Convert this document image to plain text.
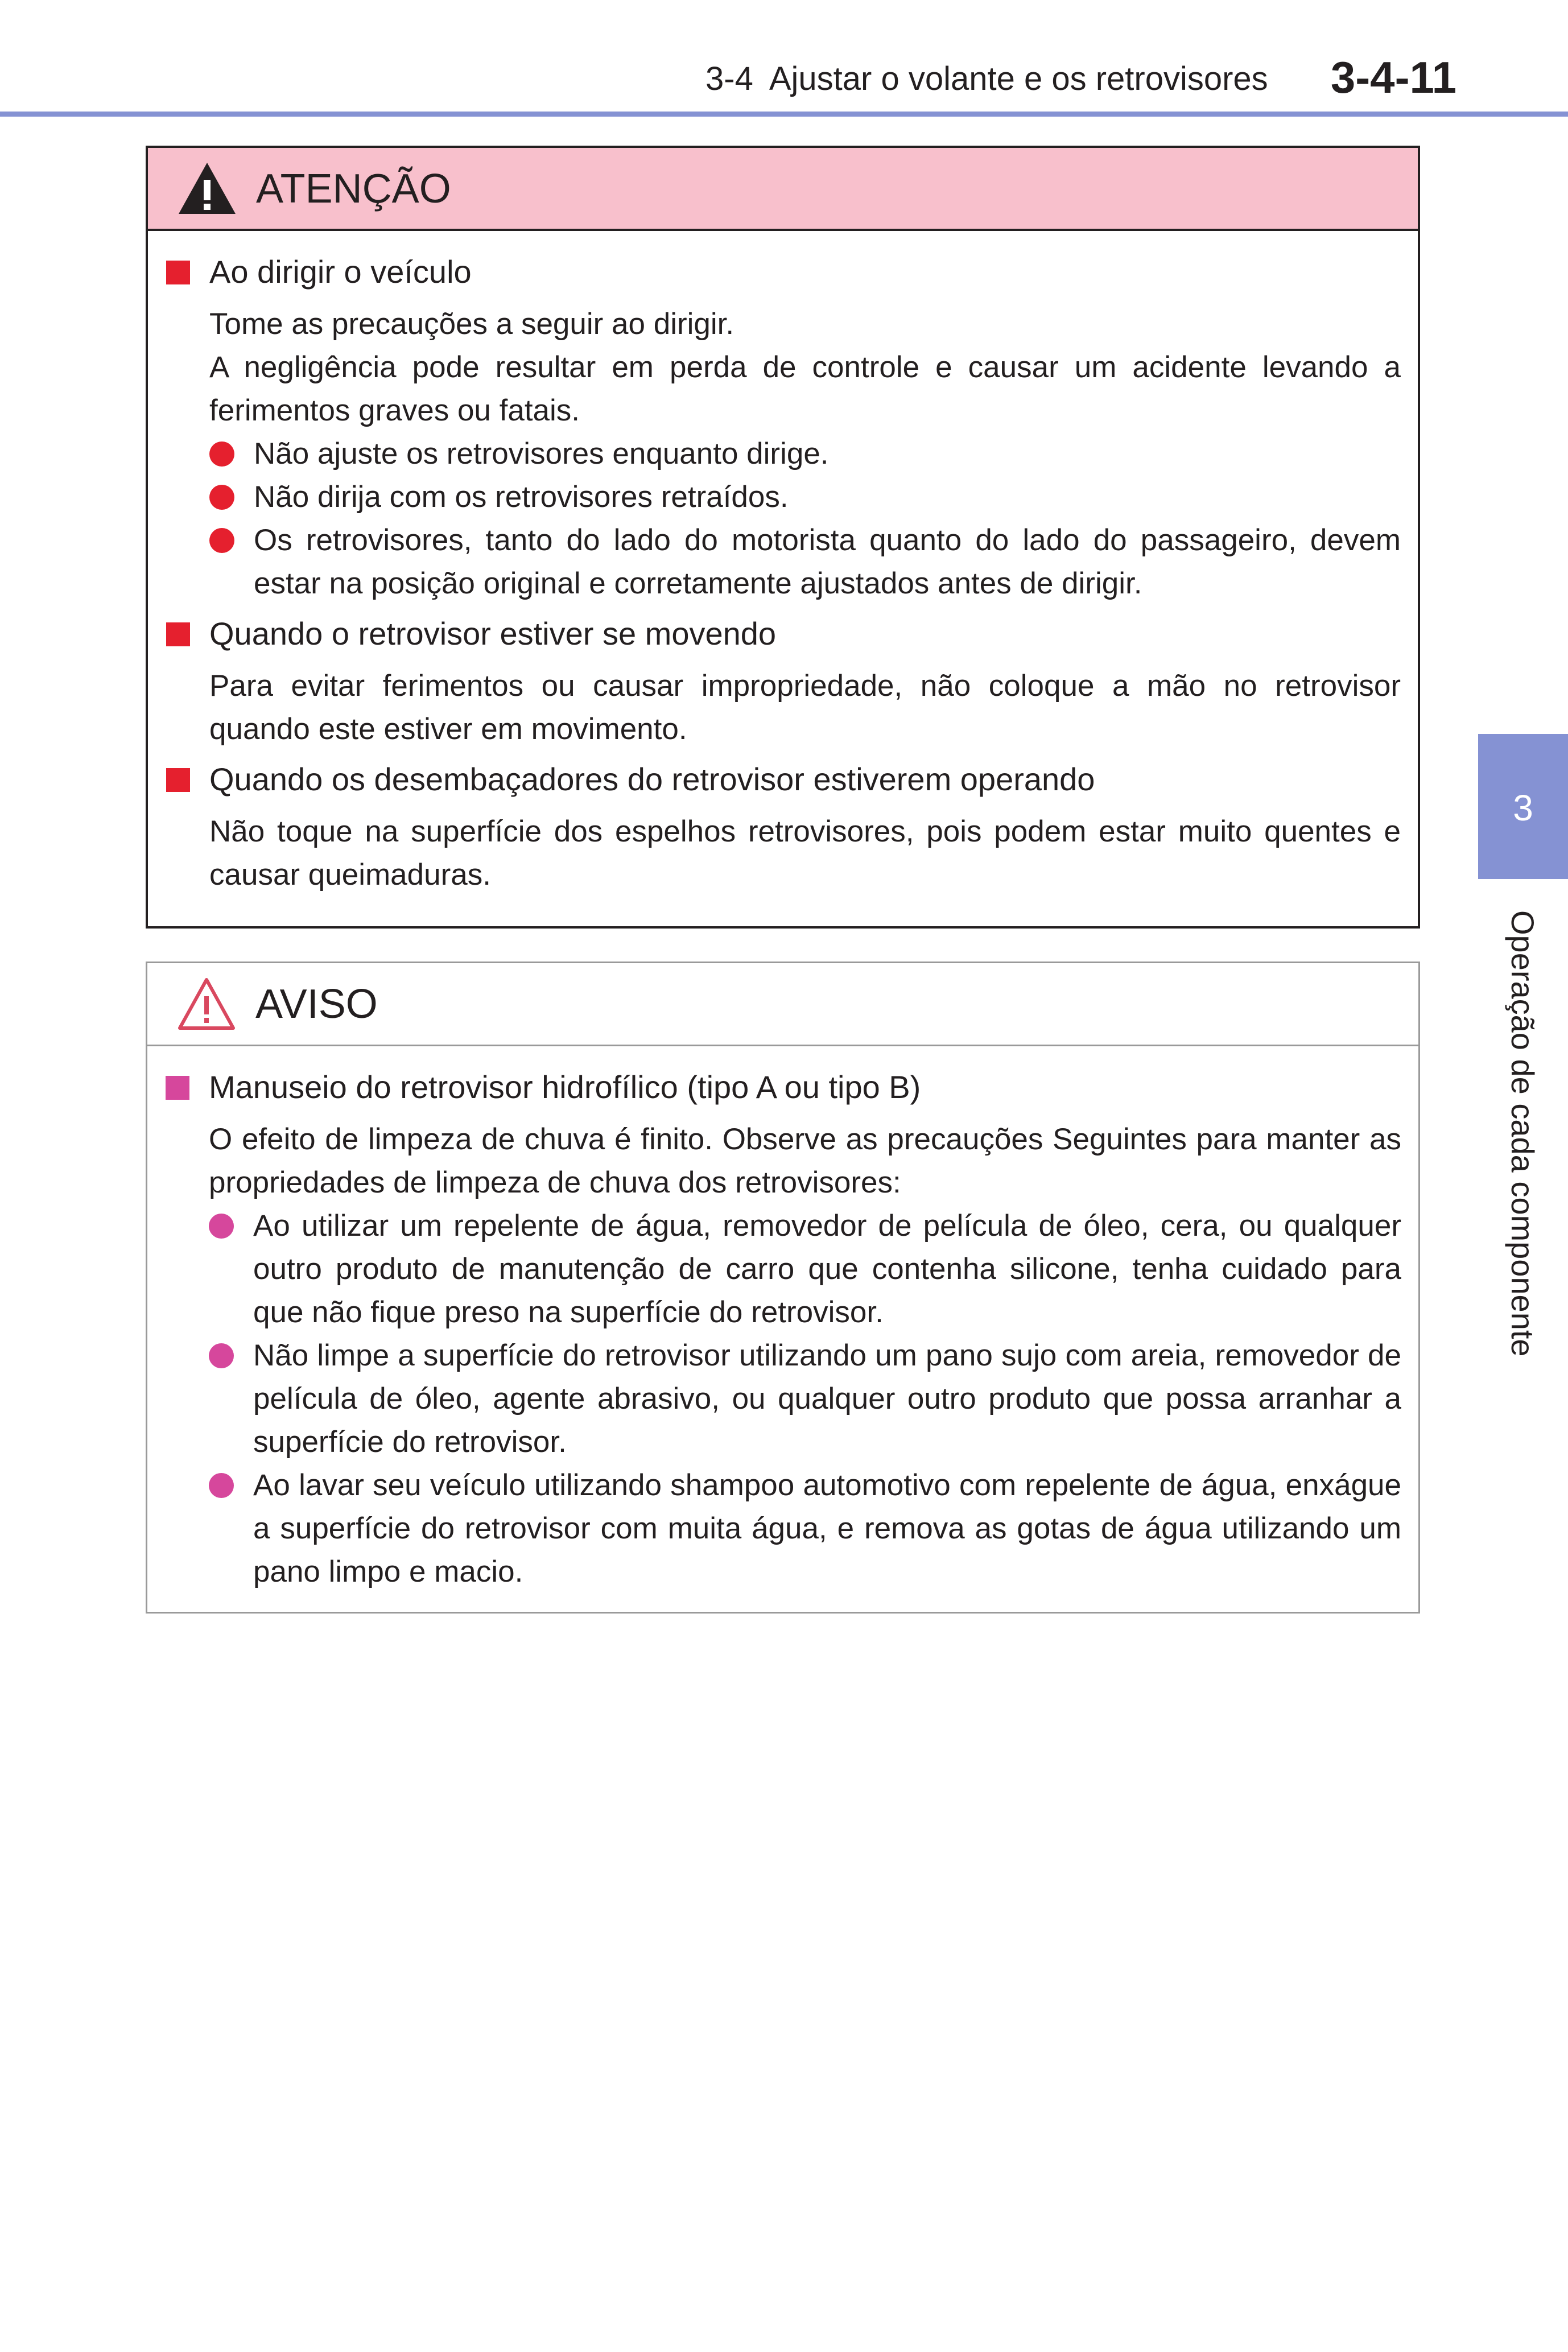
3-4 Ajustar o volante e os retrovisores	3-4-11
3
Operação de cada componente
ATENÇÃO
Ao dirigir o veículo
Tome as precauções a seguir ao dirigir.
A negligência pode resultar em perda de controle e causar um acidente levando a ferimentos graves ou fatais.
Não ajuste os retrovisores enquanto dirige.
Não dirija com os retrovisores retraídos.
Os retrovisores, tanto do lado do motorista quanto do lado do passageiro, devem estar na posição original e corretamente ajustados antes de dirigir.
Quando o retrovisor estiver se movendo
Para evitar ferimentos ou causar impropriedade, não coloque a mão no retrovisor quando este estiver em movimento.
Quando os desembaçadores do retrovisor estiverem operando
Não toque na superfície dos espelhos retrovisores, pois podem estar muito quentes e causar queimaduras.
AVISO
Manuseio do retrovisor hidrofílico (tipo A ou tipo B)
O efeito de limpeza de chuva é finito. Observe as precauções Seguintes para manter as propriedades de limpeza de chuva dos retrovisores:
Ao utilizar um repelente de água, removedor de película de óleo, cera, ou qualquer outro produto de manutenção de carro que contenha silicone, tenha cuidado para que não fique preso na superfície do retrovisor.
Não limpe a superfície do retrovisor utilizando um pano sujo com areia, removedor de película de óleo, agente abrasivo, ou qualquer outro produto que possa arranhar a superfície do retrovisor.
Ao lavar seu veículo utilizando shampoo automotivo com repelente de água, enxágue a superfície do retrovisor com muita água, e remova as gotas de água utilizando um pano limpo e macio.
